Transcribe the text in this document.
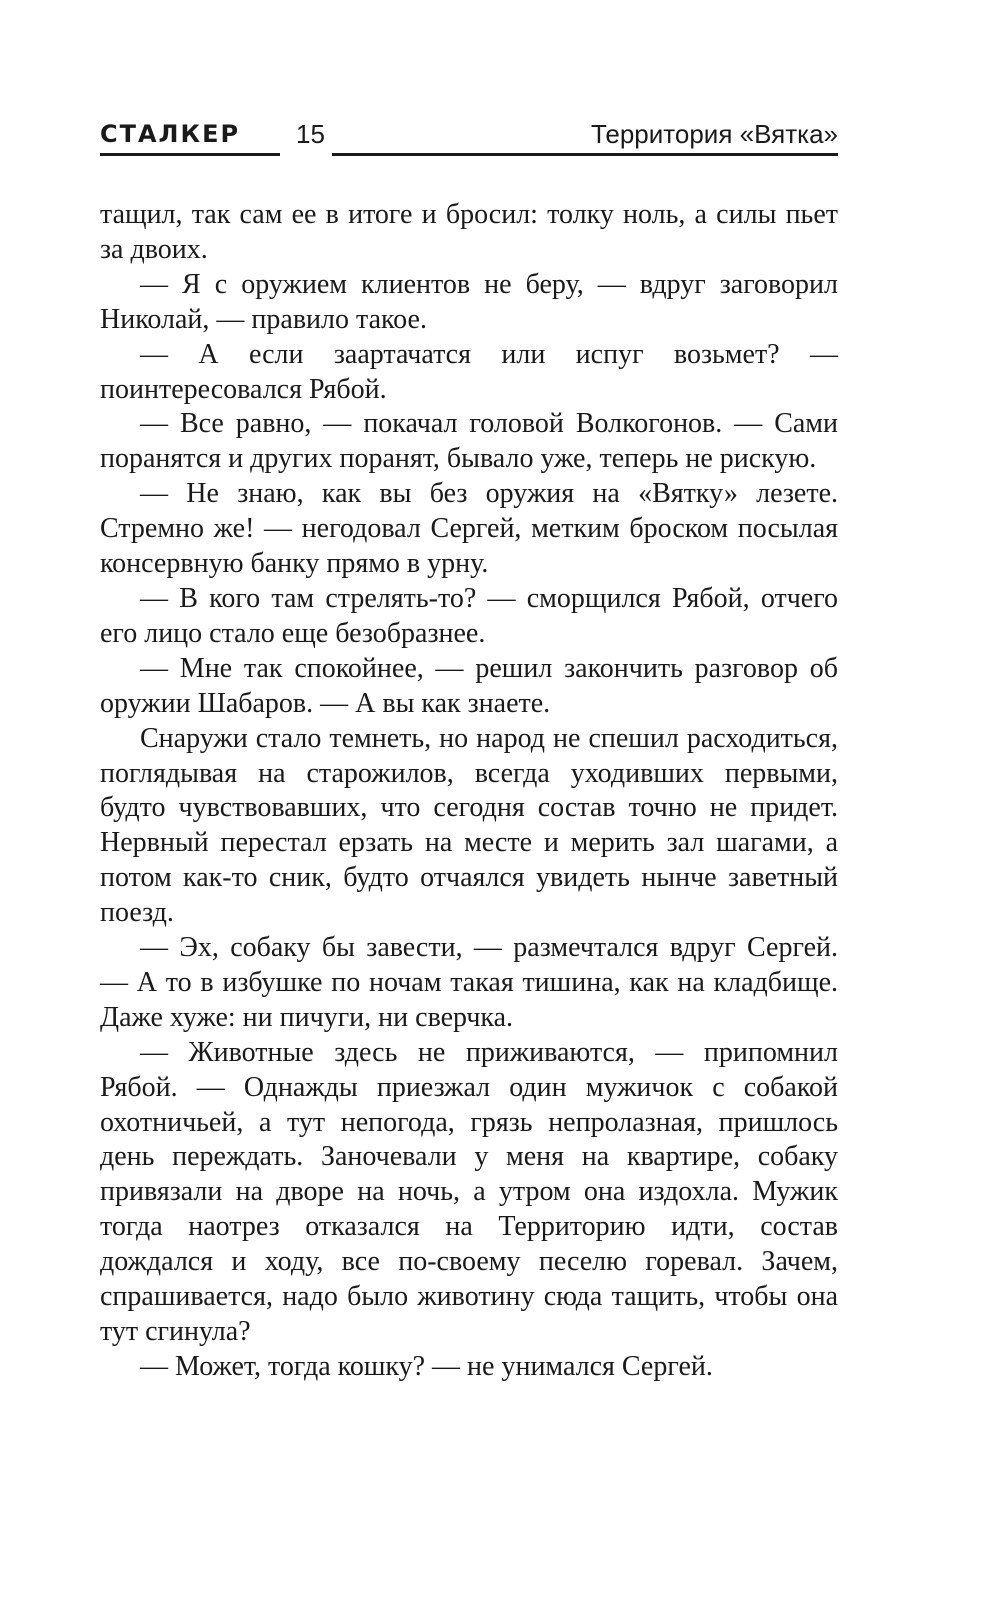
СТАЛКЕР	15	Территория «Вятка»

тащил, так сам ее в итоге и бросил: толку ноль, а силы пьет за двоих.

— Я с оружием клиентов не беру, — вдруг заговорил Николай, — правило такое.

— А если заартачатся или испуг возьмет? — поинтересовался Рябой.

— Все равно, — покачал головой Волкогонов. — Сами поранятся и других поранят, бывало уже, теперь не рискую.

— Не знаю, как вы без оружия на «Вятку» лезете. Стремно же! — негодовал Сергей, метким броском посылая консервную банку прямо в урну.

— В кого там стрелять-то? — сморщился Рябой, отчего его лицо стало еще безобразнее.

— Мне так спокойнее, — решил закончить разговор об оружии Шабаров. — А вы как знаете.

Снаружи стало темнеть, но народ не спешил расходиться, поглядывая на старожилов, всегда уходивших первыми, будто чувствовавших, что сегодня состав точно не придет. Нервный перестал ерзать на месте и мерить зал шагами, а потом как-то сник, будто отчаялся увидеть нынче заветный поезд.

— Эх, собаку бы завести, — размечтался вдруг Сергей. — А то в избушке по ночам такая тишина, как на кладбище. Даже хуже: ни пичуги, ни сверчка.

— Животные здесь не приживаются, — припомнил Рябой. — Однажды приезжал один мужичок с собакой охотничьей, а тут непогода, грязь непролазная, пришлось день переждать. Заночевали у меня на квартире, собаку привязали на дворе на ночь, а утром она издохла. Мужик тогда наотрез отказался на Территорию идти, состав дождался и ходу, все по-своему песелю горевал. Зачем, спрашивается, надо было животину сюда тащить, чтобы она тут сгинула?

— Может, тогда кошку? — не унимался Сергей.
